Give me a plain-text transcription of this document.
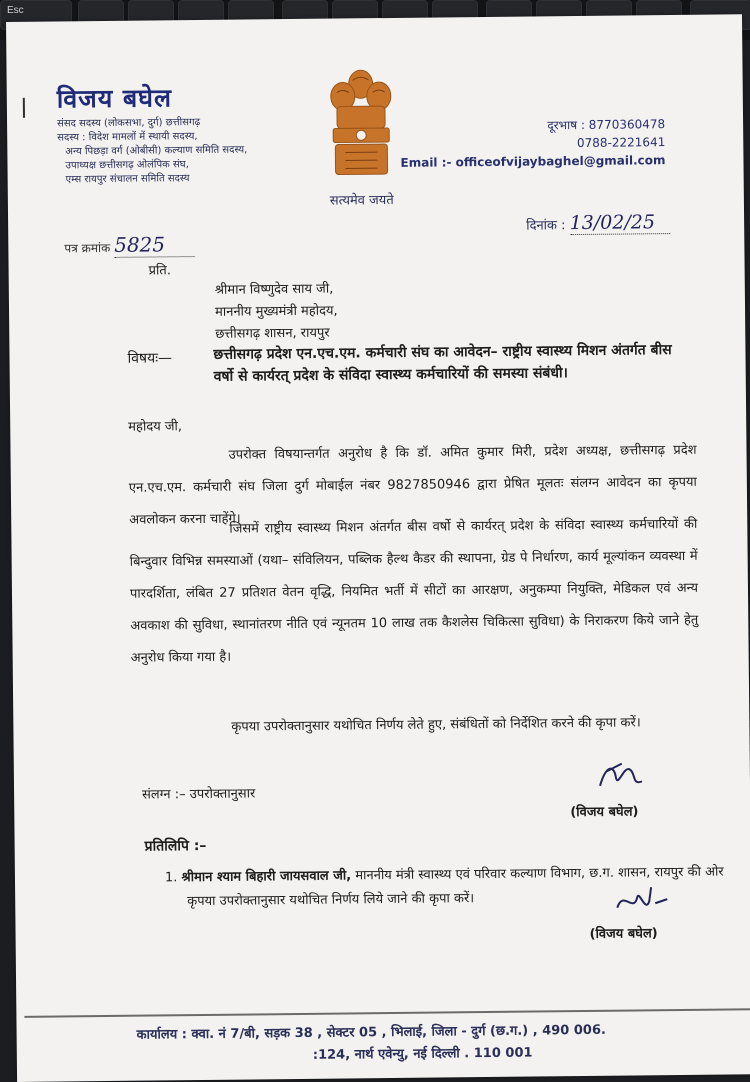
Esc
विजय बघेल
संसद सदस्य (लोकसभा, दुर्ग) छत्तीसगढ़
सदस्य : विदेश मामलों में स्थायी सदस्य,
अन्य पिछड़ा वर्ग (ओबीसी) कल्याण समिति सदस्य,
उपाध्यक्ष छत्तीसगढ़ ओलंपिक संघ,
एम्स रायपुर संचालन समिति सदस्य
सत्यमेव जयते
दूरभाष : 8770360478
0788-2221641
Email :- officeofvijaybaghel@gmail.com
दिनांक : 13/02/25
पत्र क्रमांक 5825
प्रति.
श्रीमान विष्णुदेव साय जी,
माननीय मुख्यमंत्री महोदय,
छत्तीसगढ़ शासन, रायपुर
विषयः—	छत्तीसगढ़ प्रदेश एन.एच.एम. कर्मचारी संघ का आवेदन– राष्ट्रीय स्वास्थ्य मिशन अंतर्गत बीस वर्षो से कार्यरत् प्रदेश के संविदा स्वास्थ्य कर्मचारियों की समस्या संबंधी।
महोदय जी,
उपरोक्त विषयान्तर्गत अनुरोध है कि डॉ. अमित कुमार मिरी, प्रदेश अध्यक्ष, छत्तीसगढ़ प्रदेश एन.एच.एम. कर्मचारी संघ जिला दुर्ग मोबाईल नंबर 9827850946 द्वारा प्रेषित मूलतः संलग्न आवेदन का कृपया अवलोकन करना चाहेंगे।
जिसमें राष्ट्रीय स्वास्थ्य मिशन अंतर्गत बीस वर्षो से कार्यरत् प्रदेश के संविदा स्वास्थ्य कर्मचारियों की बिन्दुवार विभिन्न समस्याओं (यथा– संविलियन, पब्लिक हैल्थ कैडर की स्थापना, ग्रेड पे निर्धारण, कार्य मूल्यांकन व्यवस्था में पारदर्शिता, लंबित 27 प्रतिशत वेतन वृद्धि, नियमित भर्ती में सीटों का आरक्षण, अनुकम्पा नियुक्ति, मेडिकल एवं अन्य अवकाश की सुविधा, स्थानांतरण नीति एवं न्यूनतम 10 लाख तक कैशलेस चिकित्सा सुविधा) के निराकरण किये जाने हेतु अनुरोध किया गया है।
कृपया उपरोक्तानुसार यथोचित निर्णय लेते हुए, संबंधितों को निर्देशित करने की कृपा करें।
संलग्न :– उपरोक्तानुसार
(विजय बघेल)
प्रतिलिपि :–
1. श्रीमान श्याम बिहारी जायसवाल जी, माननीय मंत्री स्वास्थ्य एवं परिवार कल्याण विभाग, छ.ग. शासन, रायपुर की ओर कृपया उपरोक्तानुसार यथोचित निर्णय लिये जाने की कृपा करें।
(विजय बघेल)
कार्यालय : क्वा. नं 7/बी, सड़क 38 , सेक्टर 05 , भिलाई, जिला - दुर्ग (छ.ग.) , 490 006.
:124, नार्थ एवेन्यु, नई दिल्ली . 110 001
